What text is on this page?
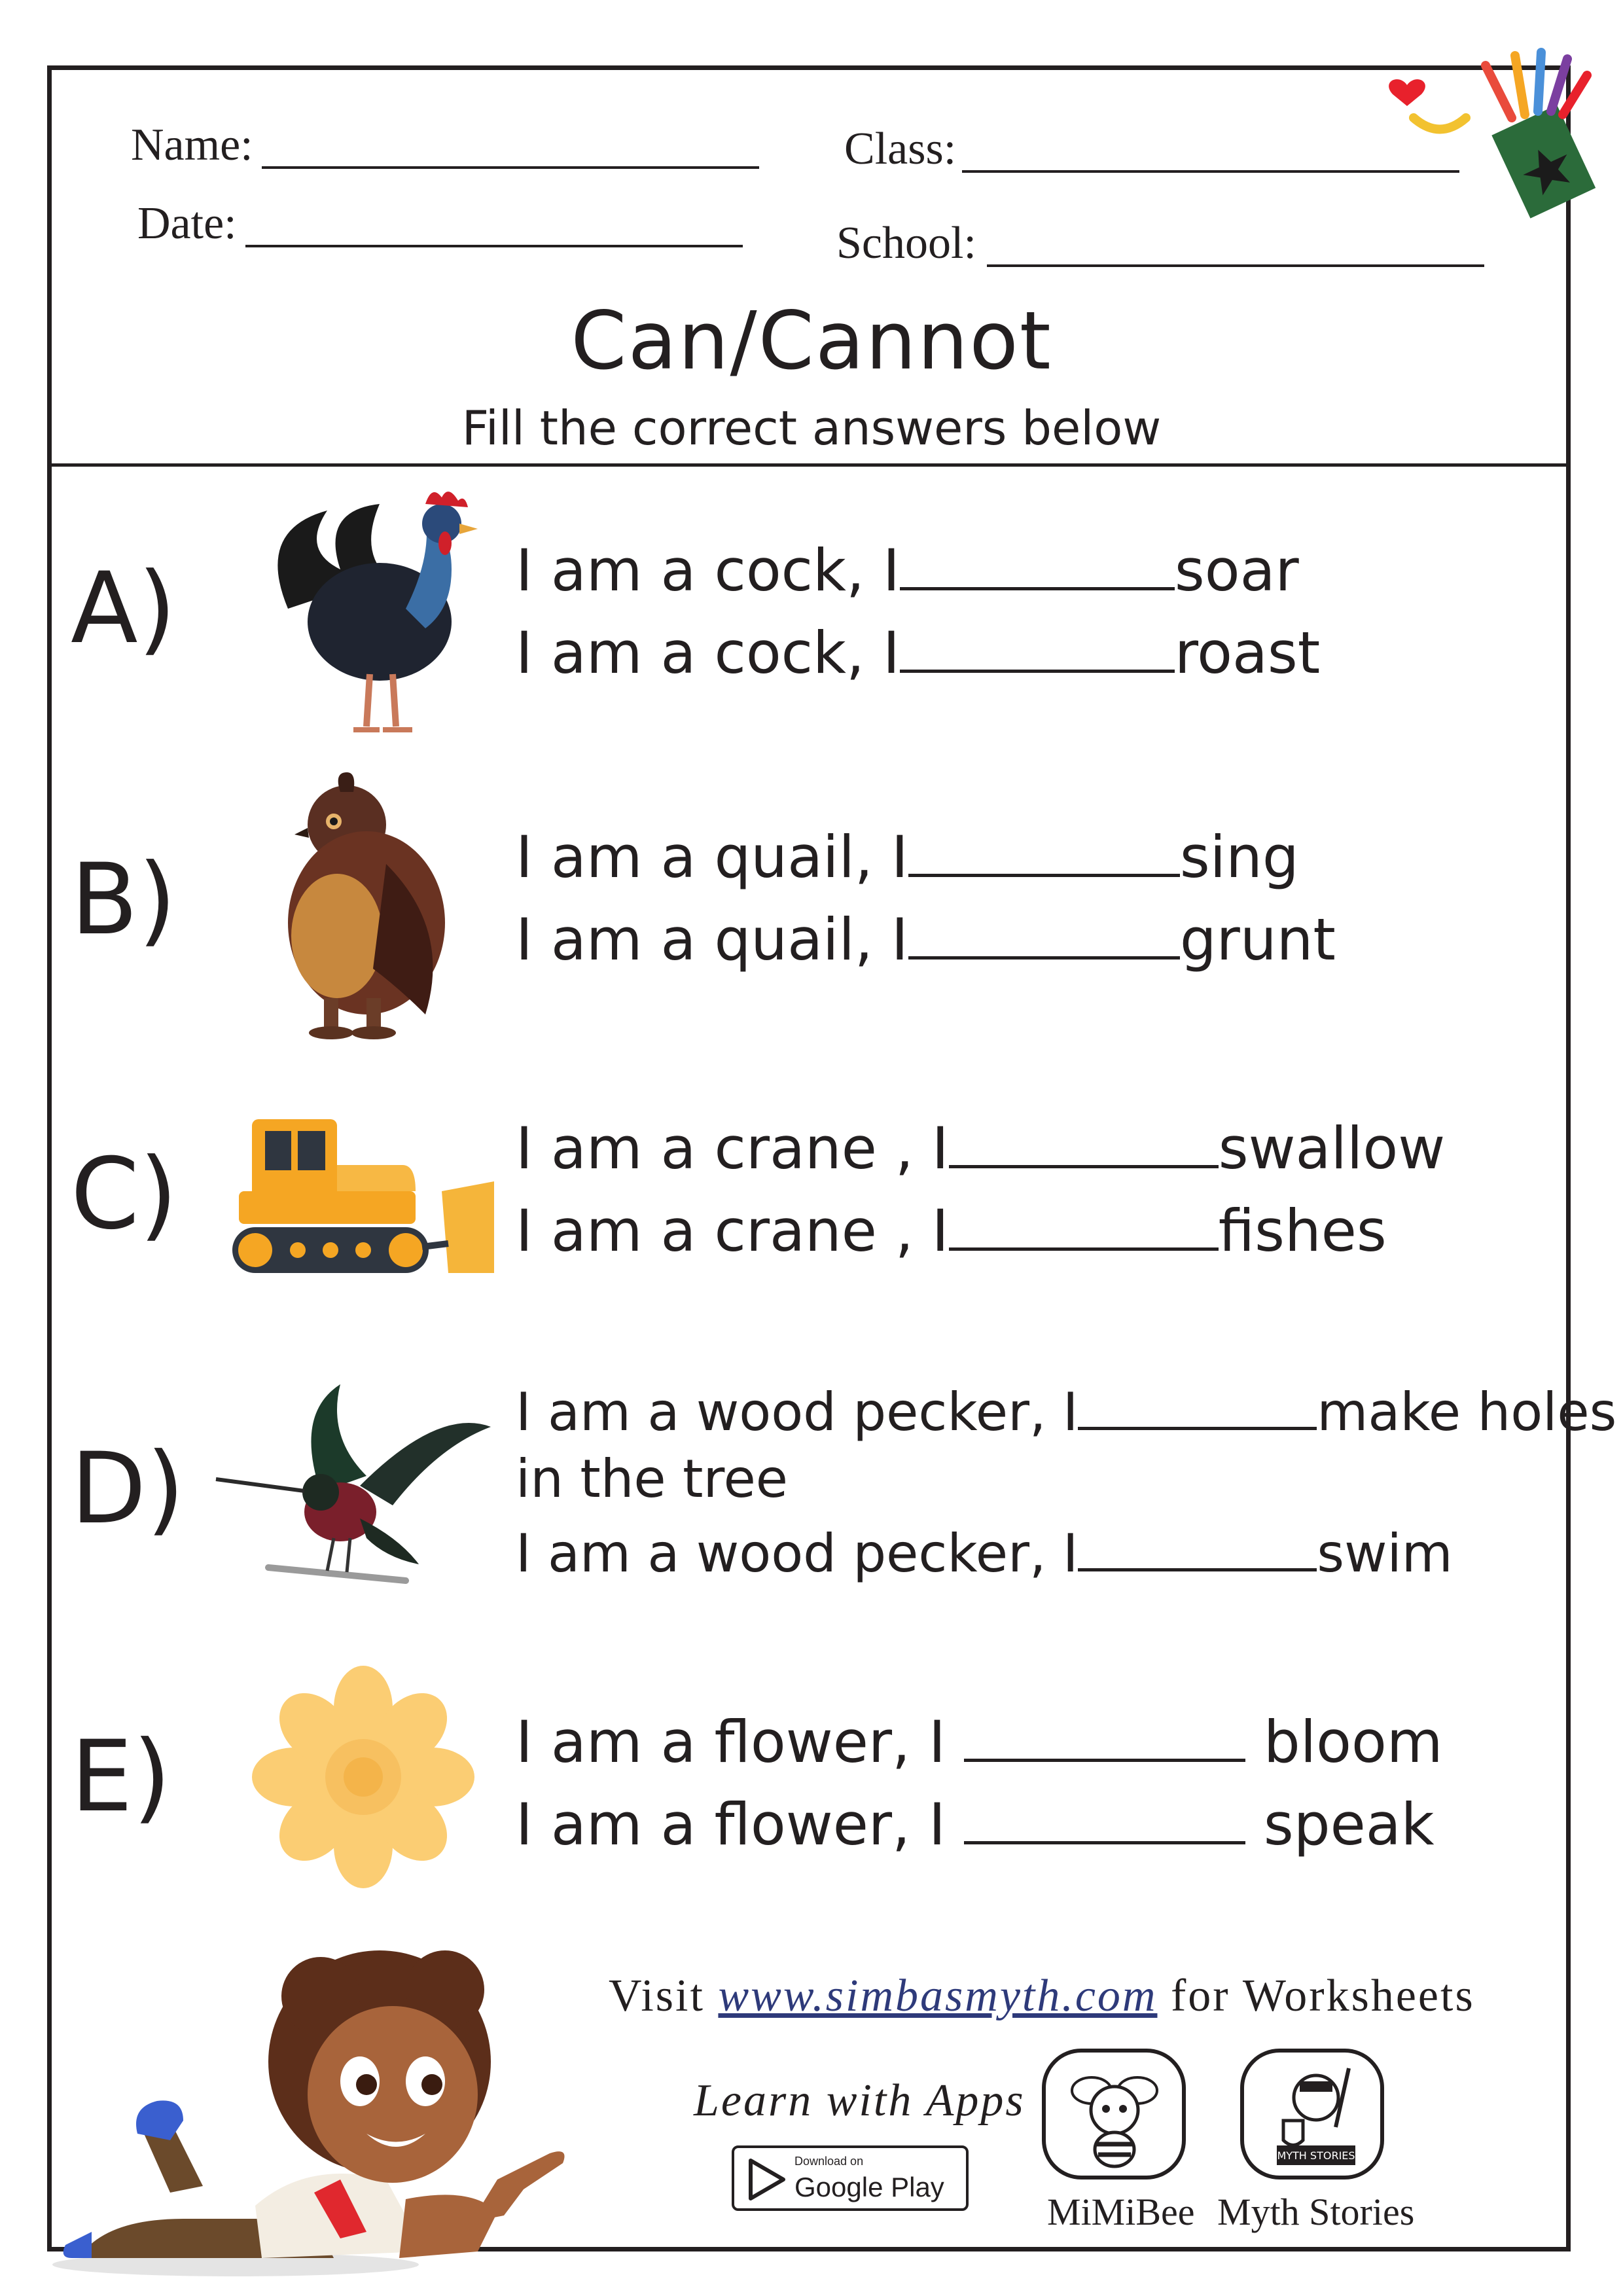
Name:
Date:
Class:
School:
Can/Cannot
Fill the correct answers below
A)	I am a cock, I	soar
I am a cock, I	roast
B)	I am a quail, I	sing
I am a quail, I	grunt
C)	I am a crane , I	swallow
I am a crane , I	fishes
D)
I am a wood pecker, I	make holes
in the tree
I am a wood pecker, I	swim
E)	I am a flower, I	bloom
I am a flower, I	speak
Visit www.simbasmyth.com for Worksheets
Learn with Apps
Download on
Google Play
MiMiBee
MYTH STORIES
Myth Stories
